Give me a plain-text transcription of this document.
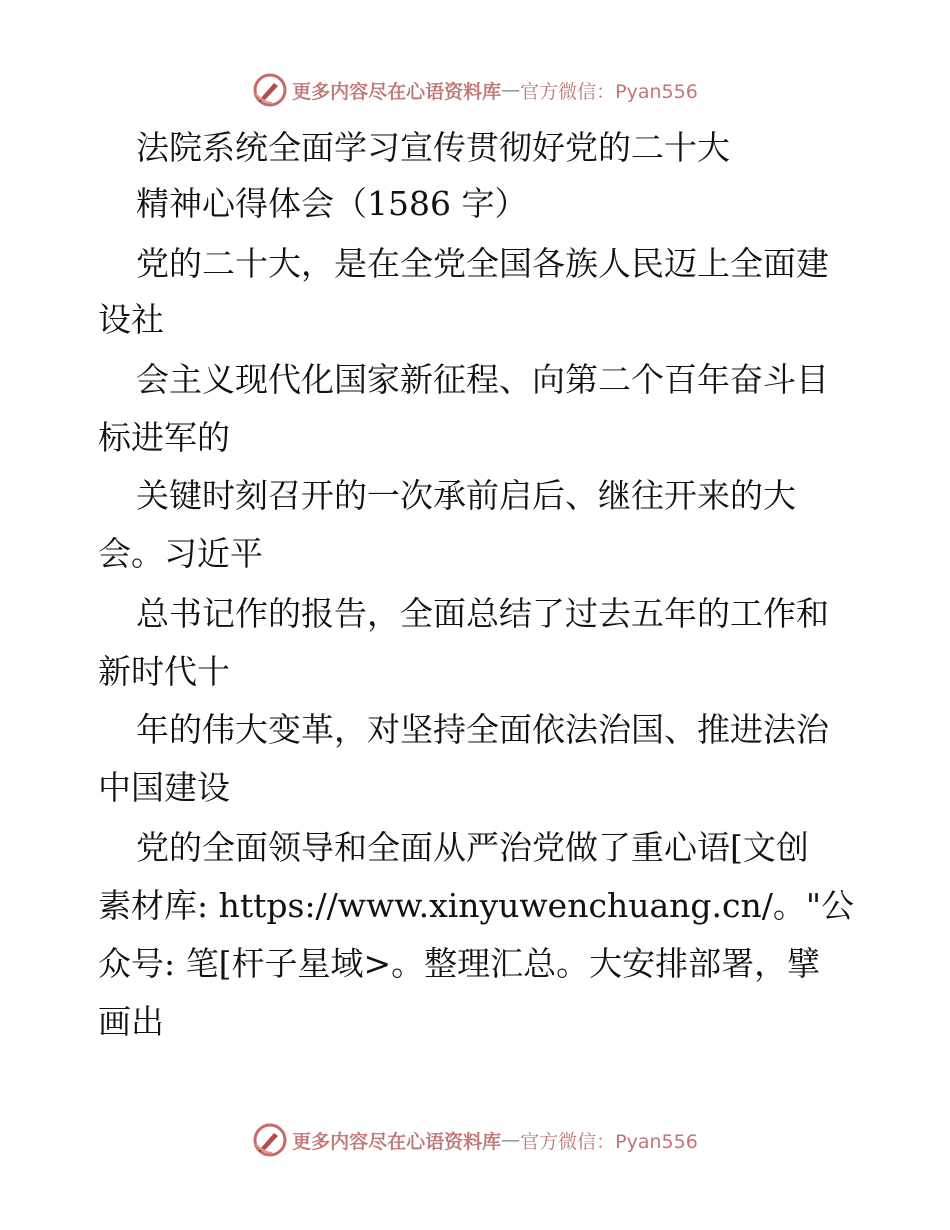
更多内容尽在心语资料库 — 官方微信：Pyan556
法院系统全面学习宣传贯彻好党的二十大
精神心得体会（1586 字）
党的二十大，是在全党全国各族人民迈上全面建
设社
会主义现代化国家新征程、向第二个百年奋斗目
标进军的
关键时刻召开的一次承前启后、继往开来的大
会。习近平
总书记作的报告，全面总结了过去五年的工作和
新时代十
年的伟大变革，对坚持全面依法治国、推进法治
中国建设
党的全面领导和全面从严治党做了重心语[文创
素材库: https://www.xinyuwenchuang.cn/。"公
众号: 笔[杆子星域>。整理汇总。大安排部署，擘
画出
更多内容尽在心语资料库 — 官方微信：Pyan556
